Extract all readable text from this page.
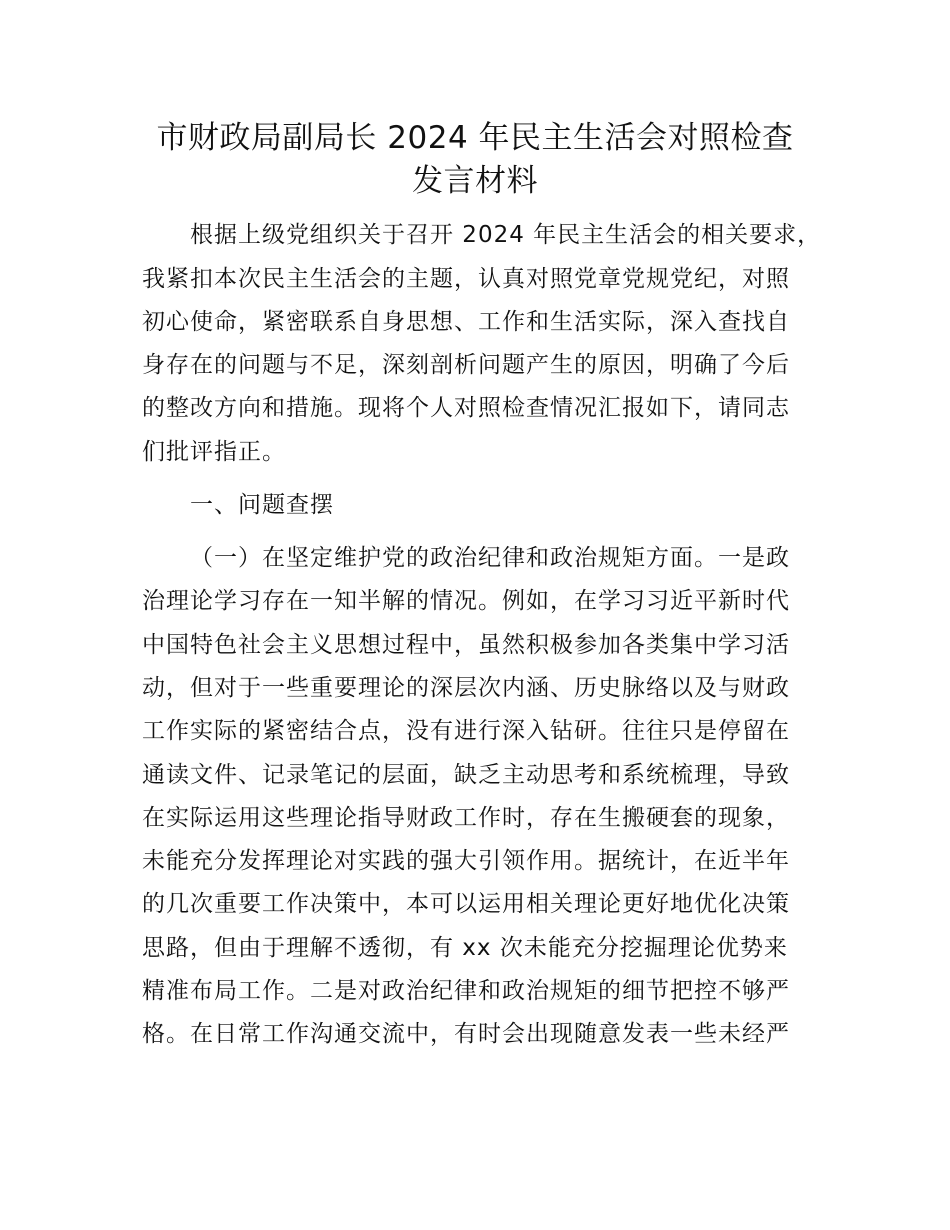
市财政局副局长 2024 年民主生活会对照检查
发言材料
根据上级党组织关于召开 2024 年民主生活会的相关要求，
我紧扣本次民主生活会的主题，认真对照党章党规党纪，对照
初心使命，紧密联系自身思想、工作和生活实际，深入查找自
身存在的问题与不足，深刻剖析问题产生的原因，明确了今后
的整改方向和措施。现将个人对照检查情况汇报如下，请同志
们批评指正。
一、问题查摆
（一）在坚定维护党的政治纪律和政治规矩方面。一是政
治理论学习存在一知半解的情况。例如，在学习习近平新时代
中国特色社会主义思想过程中，虽然积极参加各类集中学习活
动，但对于一些重要理论的深层次内涵、历史脉络以及与财政
工作实际的紧密结合点，没有进行深入钻研。往往只是停留在
通读文件、记录笔记的层面，缺乏主动思考和系统梳理，导致
在实际运用这些理论指导财政工作时，存在生搬硬套的现象，
未能充分发挥理论对实践的强大引领作用。据统计，在近半年
的几次重要工作决策中，本可以运用相关理论更好地优化决策
思路，但由于理解不透彻，有 xx 次未能充分挖掘理论优势来
精准布局工作。二是对政治纪律和政治规矩的细节把控不够严
格。在日常工作沟通交流中，有时会出现随意发表一些未经严
